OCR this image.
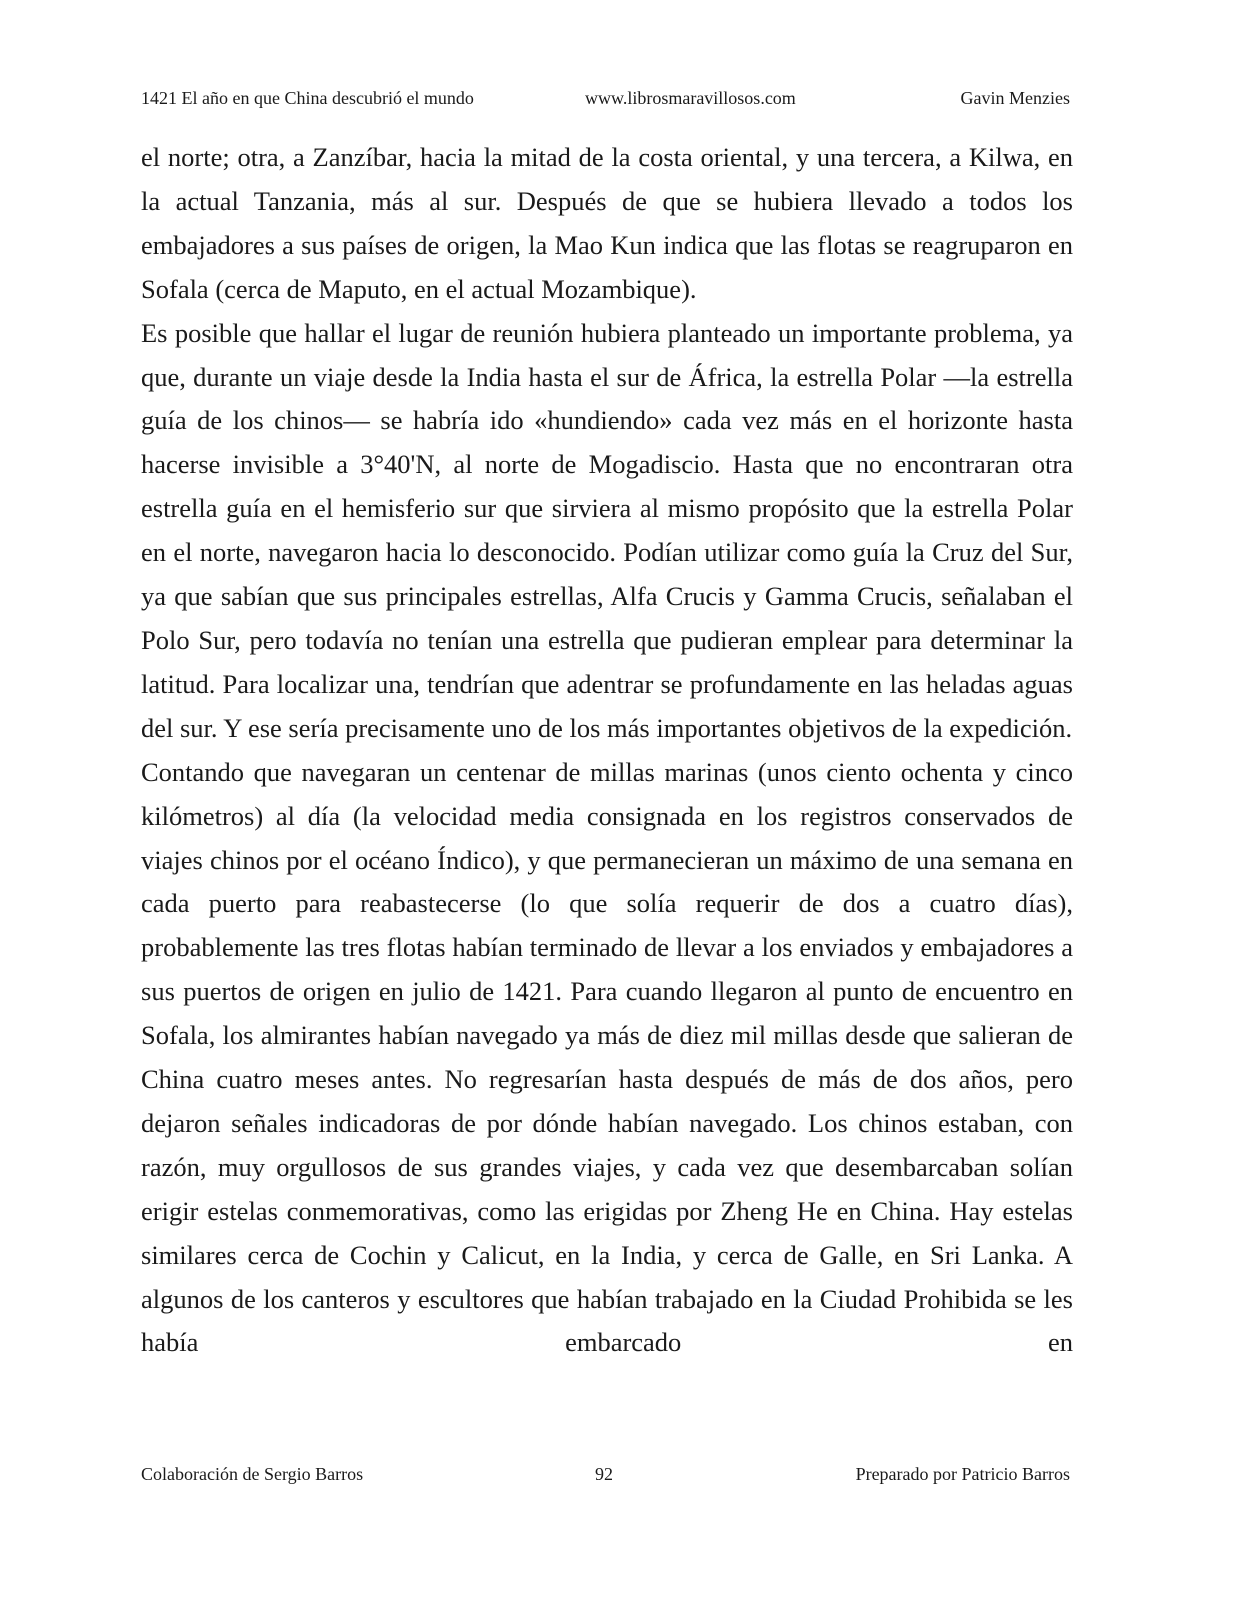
1421 El año en que China descubrió el mundo	www.librosmaravillosos.com	Gavin Menzies

el norte; otra, a Zanzíbar, hacia la mitad de la costa oriental, y una tercera, a Kilwa, en la actual Tanzania, más al sur. Después de que se hubiera llevado a todos los embajadores a sus países de origen, la Mao Kun indica que las flotas se reagruparon en Sofala (cerca de Maputo, en el actual Mozambique).

Es posible que hallar el lugar de reunión hubiera planteado un importante problema, ya que, durante un viaje desde la India hasta el sur de África, la estrella Polar —la estrella guía de los chinos— se habría ido «hundiendo» cada vez más en el horizonte hasta hacerse invisible a 3°40'N, al norte de Mogadiscio. Hasta que no encontraran otra estrella guía en el hemisferio sur que sirviera al mismo propósito que la estrella Polar en el norte, navegaron hacia lo desconocido. Podían utilizar como guía la Cruz del Sur, ya que sabían que sus principales estrellas, Alfa Crucis y Gamma Crucis, señalaban el Polo Sur, pero todavía no tenían una estrella que pudieran emplear para determinar la latitud. Para localizar una, tendrían que adentrar se profundamente en las heladas aguas del sur. Y ese sería precisamente uno de los más importantes objetivos de la expedición.

Contando que navegaran un centenar de millas marinas (unos ciento ochenta y cinco kilómetros) al día (la velocidad media consignada en los registros conservados de viajes chinos por el océano Índico), y que permanecieran un máximo de una semana en cada puerto para reabastecerse (lo que solía requerir de dos a cuatro días), probablemente las tres flotas habían terminado de llevar a los enviados y embajadores a sus puertos de origen en julio de 1421. Para cuando llegaron al punto de encuentro en Sofala, los almirantes habían navegado ya más de diez mil millas desde que salieran de China cuatro meses antes. No regresarían hasta después de más de dos años, pero dejaron señales indicadoras de por dónde habían navegado. Los chinos estaban, con razón, muy orgullosos de sus grandes viajes, y cada vez que desembarcaban solían erigir estelas conmemorativas, como las erigidas por Zheng He en China. Hay estelas similares cerca de Cochin y Calicut, en la India, y cerca de Galle, en Sri Lanka. A algunos de los canteros y escultores que habían trabajado en la Ciudad Prohibida se les había embarcado en

Colaboración de Sergio Barros	92	Preparado por Patricio Barros
